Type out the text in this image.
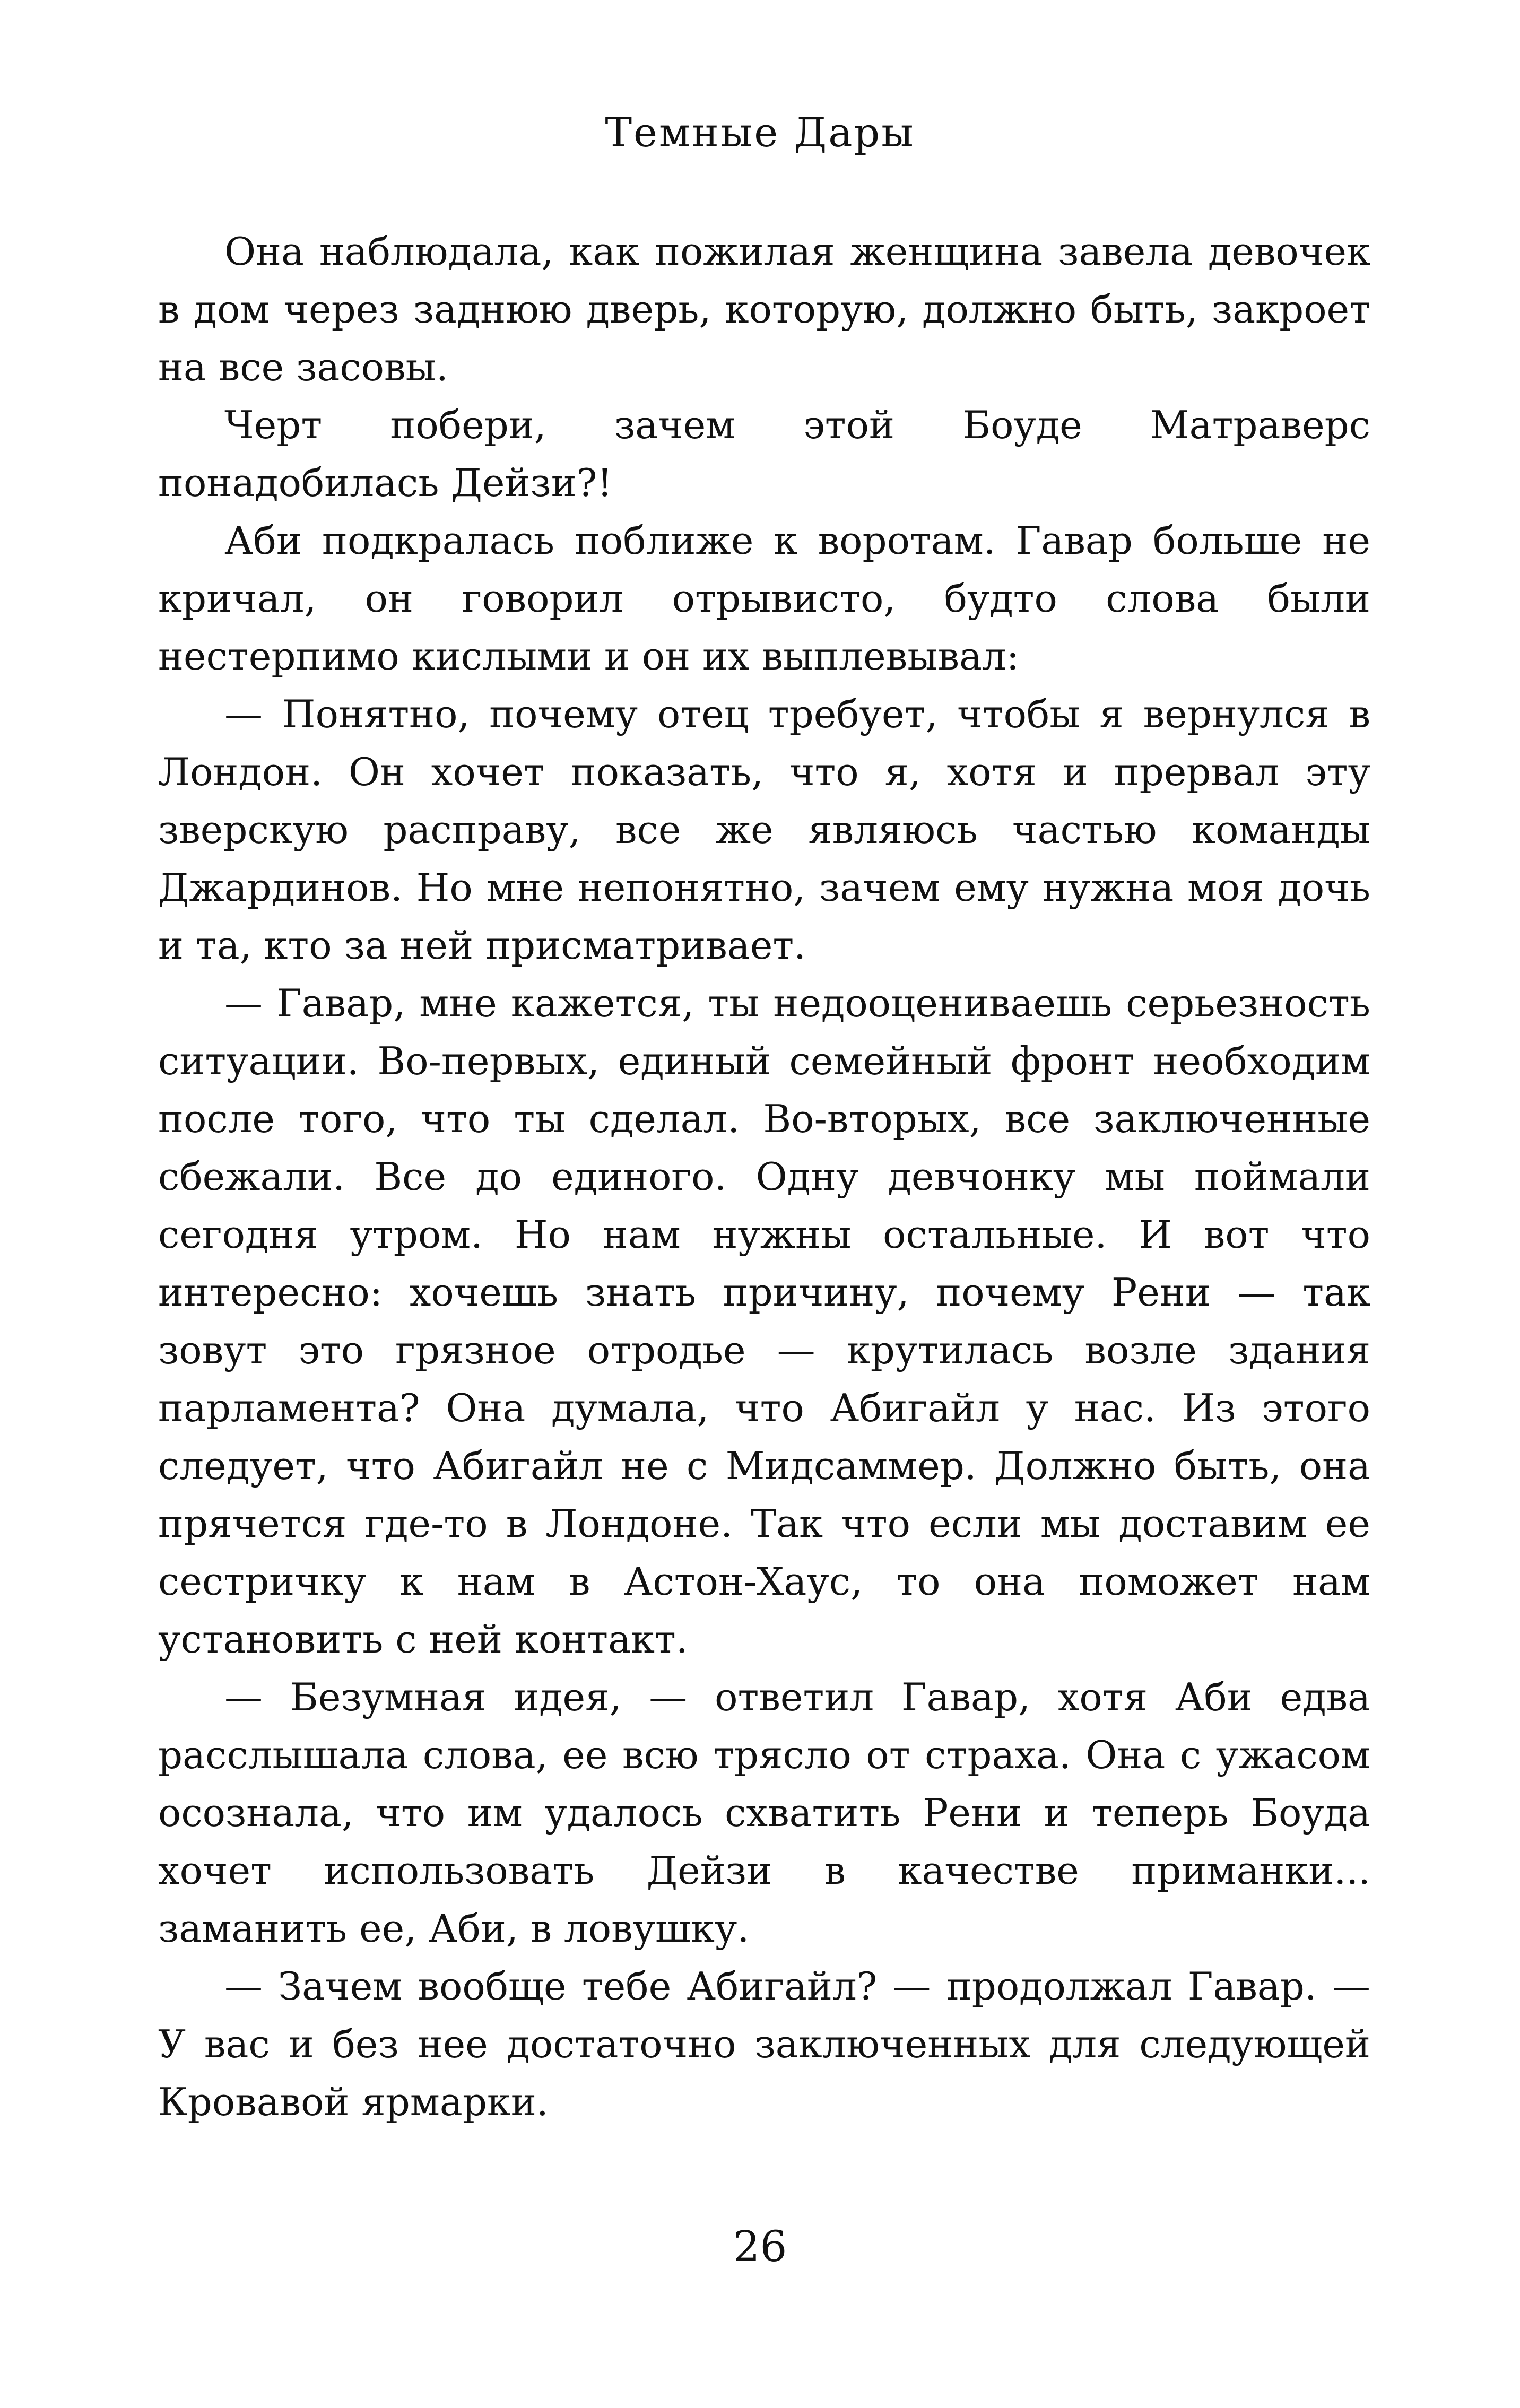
Темные Дары

Она наблюдала, как пожилая женщина завела девочек в дом через заднюю дверь, которую, должно быть, закроет на все засовы.

Черт побери, зачем этой Боуде Матраверс понадобилась Дейзи?!

Аби подкралась поближе к воротам. Гавар больше не кричал, он говорил отрывисто, будто слова были нестерпимо кислыми и он их выплевывал:

— Понятно, почему отец требует, чтобы я вернулся в Лондон. Он хочет показать, что я, хотя и прервал эту зверскую расправу, все же являюсь частью команды Джардинов. Но мне непонятно, зачем ему нужна моя дочь и та, кто за ней присматривает.

— Гавар, мне кажется, ты недооцениваешь серьезность ситуации. Во-первых, единый семейный фронт необходим после того, что ты сделал. Во-вторых, все заключенные сбежали. Все до единого. Одну девчонку мы поймали сегодня утром. Но нам нужны остальные. И вот что интересно: хочешь знать причину, почему Рени — так зовут это грязное отродье — крутилась возле здания парламента? Она думала, что Абигайл у нас. Из этого следует, что Абигайл не с Мидсаммер. Должно быть, она прячется где-то в Лондоне. Так что если мы доставим ее сестричку к нам в Астон-Хаус, то она поможет нам установить с ней контакт.

— Безумная идея, — ответил Гавар, хотя Аби едва расслышала слова, ее всю трясло от страха. Она с ужасом осознала, что им удалось схватить Рени и теперь Боуда хочет использовать Дейзи в качестве приманки... заманить ее, Аби, в ловушку.

— Зачем вообще тебе Абигайл? — продолжал Гавар. — У вас и без нее достаточно заключенных для следующей Кровавой ярмарки.

26
